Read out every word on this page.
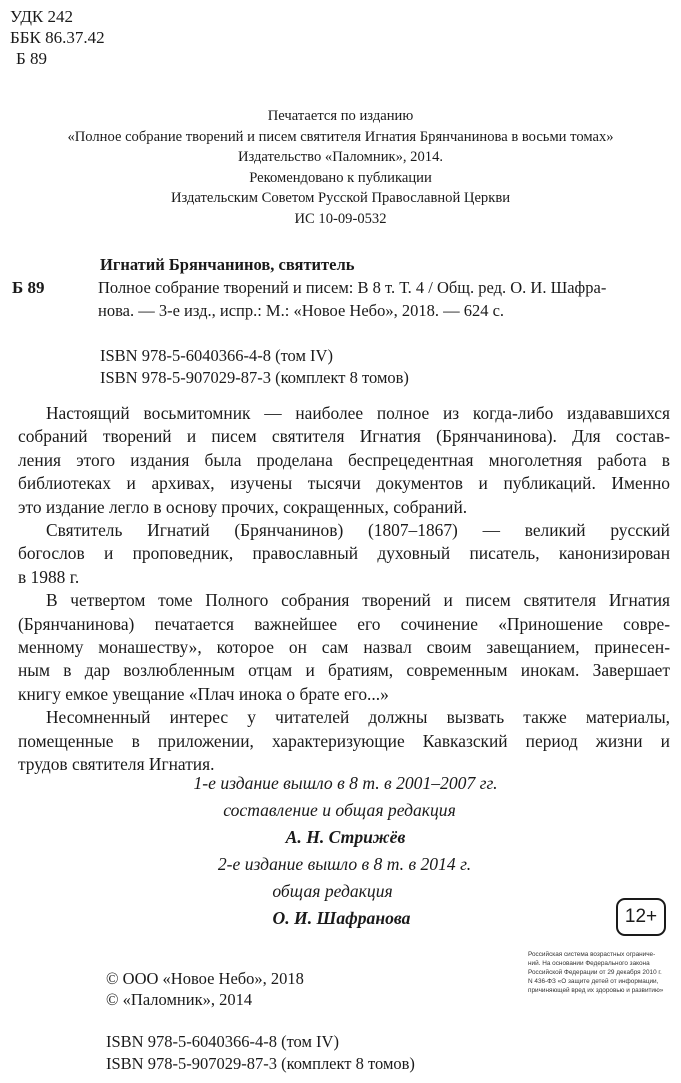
УДК 242
ББК 86.37.42
Б 89
Печатается по изданию
«Полное собрание творений и писем святителя Игнатия Брянчанинова в восьми томах»
Издательство «Паломник», 2014.
Рекомендовано к публикации
Издательским Советом Русской Православной Церкви
ИС 10-09-0532
Б 89
Игнатий Брянчанинов, святитель
Полное собрание творений и писем: В 8 т. Т. 4 / Общ. ред. О. И. Шафра-
нова. — 3-е изд., испр.: М.: «Новое Небо», 2018. — 624 с.
ISBN 978-5-6040366-4-8 (том IV)
ISBN 978-5-907029-87-3 (комплект 8 томов)
Настоящий восьмитомник — наиболее полное из когда-либо издававшихся
собраний творений и писем святителя Игнатия (Брянчанинова). Для состав-
ления этого издания была проделана беспрецедентная многолетняя работа в
библиотеках и архивах, изучены тысячи документов и публикаций. Именно
это издание легло в основу прочих, сокращенных, собраний.
Святитель Игнатий (Брянчанинов) (1807–1867) — великий русский
богослов и проповедник, православный духовный писатель, канонизирован
в 1988 г.
В четвертом томе Полного собрания творений и писем святителя Игнатия
(Брянчанинова) печатается важнейшее его сочинение «Приношение совре-
менному монашеству», которое он сам назвал своим завещанием, принесен-
ным в дар возлюбленным отцам и братиям, современным инокам. Завершает
книгу емкое увещание «Плач инока о брате его...»
Несомненный интерес у читателей должны вызвать также материалы,
помещенные в приложении, характеризующие Кавказский период жизни и
трудов святителя Игнатия.
1-е издание вышло в 8 т. в 2001–2007 гг.
составление и общая редакция
А. Н. Стрижёв
2-е издание вышло в 8 т. в 2014 г.
общая редакция
О. И. Шафранова	12+
Российская система возрастных ограниче-
ний. На основании Федерального закона
Российской Федерации от 29 декабря 2010 г.
N 436-ФЗ «О защите детей от информации,
причиняющей вред их здоровью и развитию»
© ООО «Новое Небо», 2018
© «Паломник», 2014
ISBN 978-5-6040366-4-8 (том IV)
ISBN 978-5-907029-87-3 (комплект 8 томов)
